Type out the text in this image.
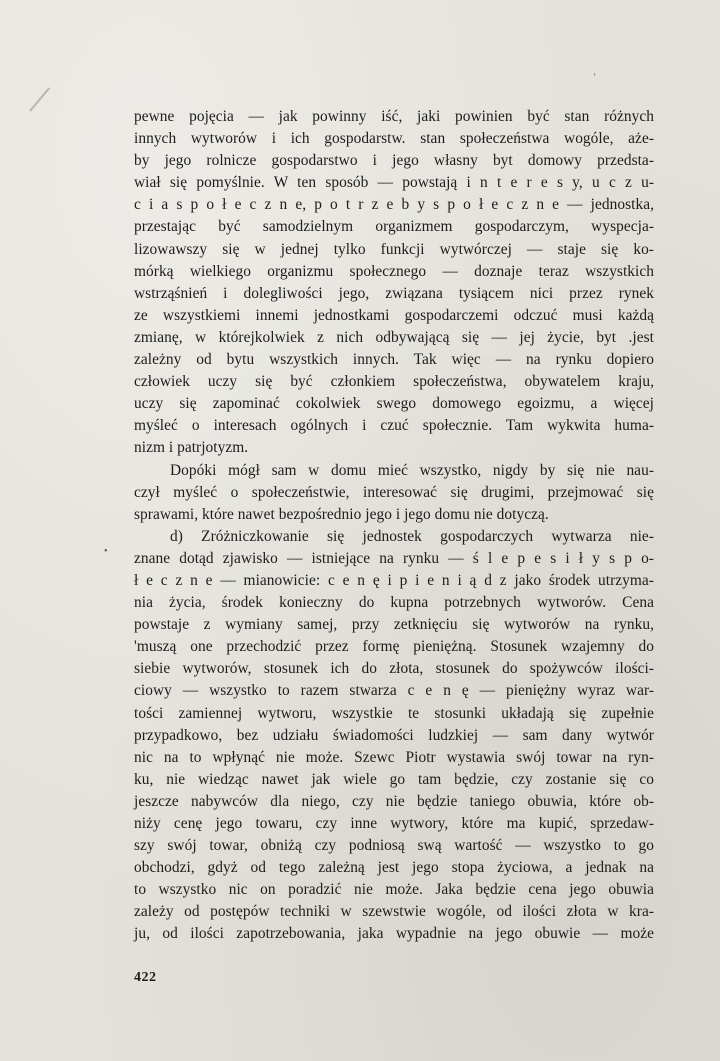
ʻ
•
pewne pojęcia — jak powinny iść, jaki powinien być stan różnych
innych wytworów i ich gospodarstw. stan społeczeństwa wogóle, aże-
by jego rolnicze gospodarstwo i jego własny byt domowy przedsta-
wiał się pomyślnie. W ten sposób — powstają i n t e r e s y, u c z u-
c i a s p o ł e c z n e, p o t r z e b y s p o ł e c z n e — jednostka,
przestając być samodzielnym organizmem gospodarczym, wyspecja-
lizowawszy się w jednej tylko funkcji wytwórczej — staje się ko-
mórką wielkiego organizmu społecznego — doznaje teraz wszystkich
wstrząśnień i dolegliwości jego, związana tysiącem nici przez rynek
ze wszystkiemi innemi jednostkami gospodarczemi odczuć musi każdą
zmianę, w którejkolwiek z nich odbywającą się — jej życie, byt .jest
zależny od bytu wszystkich innych. Tak więc — na rynku dopiero
człowiek uczy się być członkiem społeczeństwa, obywatelem kraju,
uczy się zapominać cokolwiek swego domowego egoizmu, a więcej
myśleć o interesach ogólnych i czuć społecznie. Tam wykwita huma-
nizm i patrjotyzm.
Dopóki mógł sam w domu mieć wszystko, nigdy by się nie nau-
czył myśleć o społeczeństwie, interesować się drugimi, przejmować się
sprawami, które nawet bezpośrednio jego i jego domu nie dotyczą.
d) Zróżniczkowanie się jednostek gospodarczych wytwarza nie-
znane dotąd zjawisko — istniejące na rynku — ś l e p e s i ł y s p o-
ł e c z n e — mianowicie: c e n ę i p i e n i ą d z jako środek utrzyma-
nia życia, środek konieczny do kupna potrzebnych wytworów. Cena
powstaje z wymiany samej, przy zetknięciu się wytworów na rynku,
'muszą one przechodzić przez formę pieniężną. Stosunek wzajemny do
siebie wytworów, stosunek ich do złota, stosunek do spożywców ilości-
ciowy — wszystko to razem stwarza c e n ę — pieniężny wyraz war-
tości zamiennej wytworu, wszystkie te stosunki układają się zupełnie
przypadkowo, bez udziału świadomości ludzkiej — sam dany wytwór
nic na to wpłynąć nie może. Szewc Piotr wystawia swój towar na ryn-
ku, nie wiedząc nawet jak wiele go tam będzie, czy zostanie się co
jeszcze nabywców dla niego, czy nie będzie taniego obuwia, które ob-
niży cenę jego towaru, czy inne wytwory, które ma kupić, sprzedaw-
szy swój towar, obniżą czy podniosą swą wartość — wszystko to go
obchodzi, gdyż od tego zależną jest jego stopa życiowa, a jednak na
to wszystko nic on poradzić nie może. Jaka będzie cena jego obuwia
zależy od postępów techniki w szewstwie wogóle, od ilości złota w kra-
ju, od ilości zapotrzebowania, jaka wypadnie na jego obuwie — może
422
